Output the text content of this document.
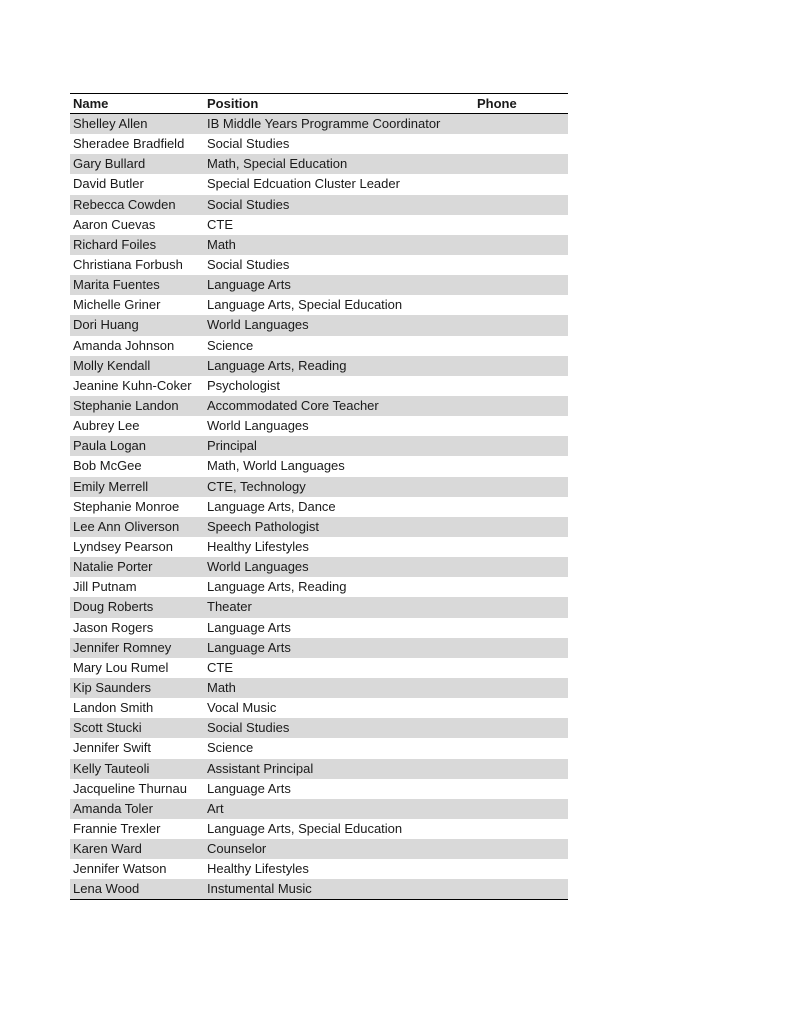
Name	Position	Phone
Shelley Allen	IB Middle Years Programme Coordinator
Sheradee Bradfield	Social Studies
Gary Bullard	Math, Special Education
David Butler	Special Edcuation Cluster Leader
Rebecca Cowden	Social Studies
Aaron Cuevas	CTE
Richard Foiles	Math
Christiana Forbush	Social Studies
Marita Fuentes	Language Arts
Michelle Griner	Language Arts, Special Education
Dori Huang	World Languages
Amanda Johnson	Science
Molly Kendall	Language Arts, Reading
Jeanine Kuhn-Coker	Psychologist
Stephanie Landon	Accommodated Core Teacher
Aubrey Lee	World Languages
Paula Logan	Principal
Bob McGee	Math, World Languages
Emily Merrell	CTE, Technology
Stephanie Monroe	Language Arts, Dance
Lee Ann Oliverson	Speech Pathologist
Lyndsey Pearson	Healthy Lifestyles
Natalie Porter	World Languages
Jill Putnam	Language Arts, Reading
Doug Roberts	Theater
Jason Rogers	Language Arts
Jennifer Romney	Language Arts
Mary Lou Rumel	CTE
Kip Saunders	Math
Landon Smith	Vocal Music
Scott Stucki	Social Studies
Jennifer Swift	Science
Kelly Tauteoli	Assistant Principal
Jacqueline Thurnau	Language Arts
Amanda Toler	Art
Frannie Trexler	Language Arts, Special Education
Karen Ward	Counselor
Jennifer Watson	Healthy Lifestyles
Lena Wood	Instumental Music
